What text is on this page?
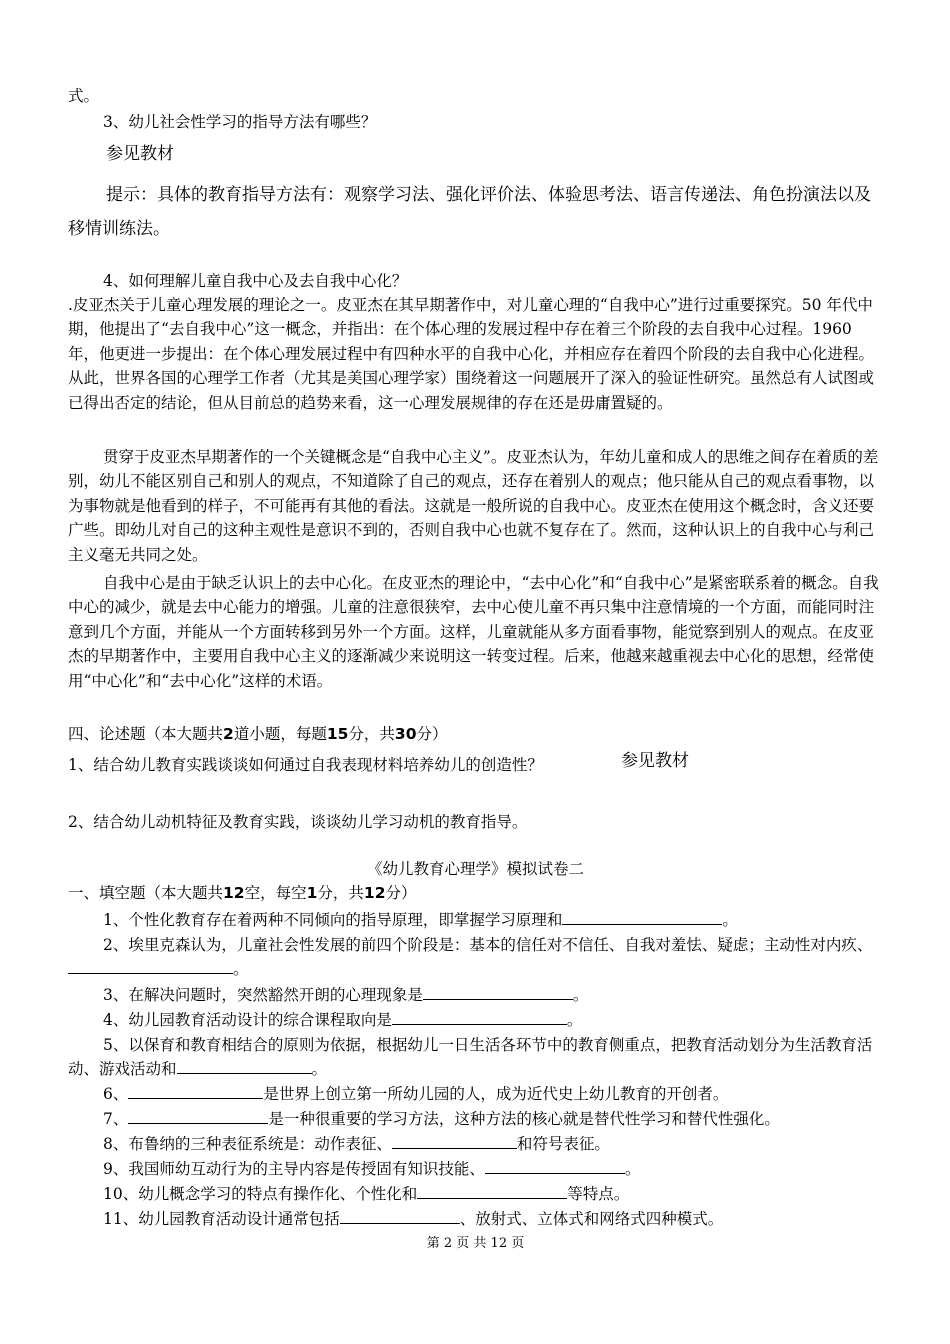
式。
3、幼儿社会性学习的指导方法有哪些？
参见教材
提示：具体的教育指导方法有：观察学习法、强化评价法、体验思考法、语言传递法、角色扮演法以及移情训练法。
4、如何理解儿童自我中心及去自我中心化？
.皮亚杰关于儿童心理发展的理论之一。皮亚杰在其早期著作中，对儿童心理的“自我中心”进行过重要探究。50 年代中期，他提出了“去自我中心”这一概念，并指出：在个体心理的发展过程中存在着三个阶段的去自我中心过程。1960 年，他更进一步提出：在个体心理发展过程中有四种水平的自我中心化，并相应存在着四个阶段的去自我中心化进程。从此，世界各国的心理学工作者（尤其是美国心理学家）围绕着这一问题展开了深入的验证性研究。虽然总有人试图或已得出否定的结论，但从目前总的趋势来看，这一心理发展规律的存在还是毋庸置疑的。
贯穿于皮亚杰早期著作的一个关键概念是“自我中心主义”。皮亚杰认为，年幼儿童和成人的思维之间存在着质的差别，幼儿不能区别自己和别人的观点，不知道除了自己的观点，还存在着别人的观点；他只能从自己的观点看事物，以为事物就是他看到的样子，不可能再有其他的看法。这就是一般所说的自我中心。皮亚杰在使用这个概念时，含义还要广些。即幼儿对自己的这种主观性是意识不到的，否则自我中心也就不复存在了。然而，这种认识上的自我中心与利己主义毫无共同之处。
自我中心是由于缺乏认识上的去中心化。在皮亚杰的理论中，“去中心化”和“自我中心”是紧密联系着的概念。自我中心的减少，就是去中心能力的增强。儿童的注意很狭窄，去中心使儿童不再只集中注意情境的一个方面，而能同时注意到几个方面，并能从一个方面转移到另外一个方面。这样，儿童就能从多方面看事物，能觉察到别人的观点。在皮亚杰的早期著作中，主要用自我中心主义的逐渐减少来说明这一转变过程。后来，他越来越重视去中心化的思想，经常使用“中心化”和“去中心化”这样的术语。
四、论述题（本大题共2道小题，每题15分，共30分）
1、结合幼儿教育实践谈谈如何通过自我表现材料培养幼儿的创造性？	参见教材
2、结合幼儿动机特征及教育实践，谈谈幼儿学习动机的教育指导。
《幼儿教育心理学》模拟试卷二
一、填空题（本大题共12空，每空1分，共12分）
1、个性化教育存在着两种不同倾向的指导原理，即掌握学习原理和	。
2、埃里克森认为，儿童社会性发展的前四个阶段是：基本的信任对不信任、自我对羞怯、疑虑；主动性对内疚、。
3、在解决问题时，突然豁然开朗的心理现象是	。
4、幼儿园教育活动设计的综合课程取向是	。
5、以保育和教育相结合的原则为依据，根据幼儿一日生活各环节中的教育侧重点，把教育活动划分为生活教育活动、游戏活动和	。
6、	是世界上创立第一所幼儿园的人，成为近代史上幼儿教育的开创者。
7、	是一种很重要的学习方法，这种方法的核心就是替代性学习和替代性强化。
8、布鲁纳的三种表征系统是：动作表征、	和符号表征。
9、我国师幼互动行为的主导内容是传授固有知识技能、	。
10、幼儿概念学习的特点有操作化、个性化和	等特点。
11、幼儿园教育活动设计通常包括	、放射式、立体式和网络式四种模式。
第 2 页 共 12 页
